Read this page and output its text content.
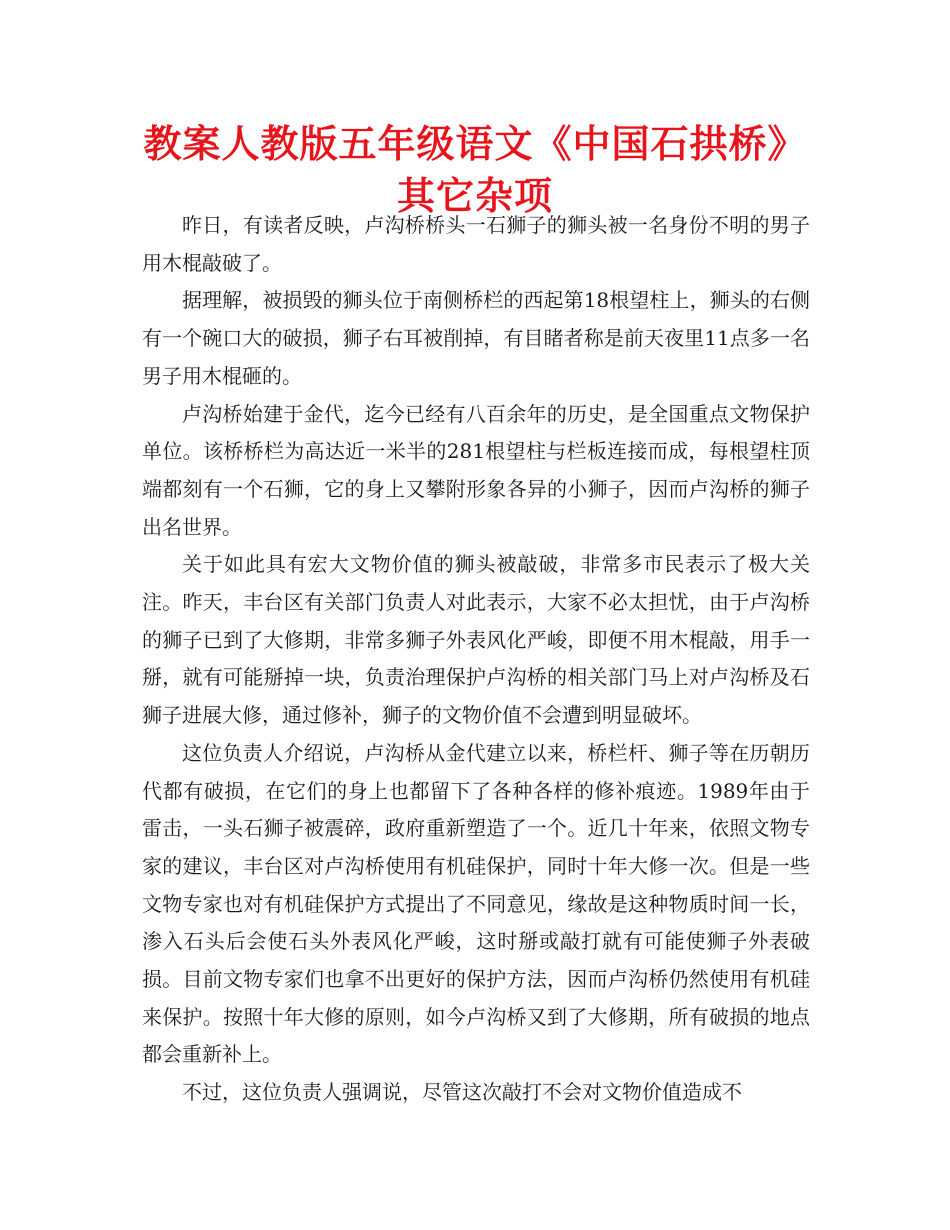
教案人教版五年级语文《中国石拱桥》其它杂项

昨日，有读者反映，卢沟桥桥头一石狮子的狮头被一名身份不明的男子用木棍敲破了。

据理解，被损毁的狮头位于南侧桥栏的西起第18根望柱上，狮头的右侧有一个碗口大的破损，狮子右耳被削掉，有目睹者称是前天夜里11点多一名男子用木棍砸的。

卢沟桥始建于金代，迄今已经有八百余年的历史，是全国重点文物保护单位。该桥桥栏为高达近一米半的281根望柱与栏板连接而成，每根望柱顶端都刻有一个石狮，它的身上又攀附形象各异的小狮子，因而卢沟桥的狮子出名世界。

关于如此具有宏大文物价值的狮头被敲破，非常多市民表示了极大关注。昨天，丰台区有关部门负责人对此表示，大家不必太担忧，由于卢沟桥的狮子已到了大修期，非常多狮子外表风化严峻，即便不用木棍敲，用手一掰，就有可能掰掉一块，负责治理保护卢沟桥的相关部门马上对卢沟桥及石狮子进展大修，通过修补，狮子的文物价值不会遭到明显破坏。

这位负责人介绍说，卢沟桥从金代建立以来，桥栏杆、狮子等在历朝历代都有破损，在它们的身上也都留下了各种各样的修补痕迹。1989年由于雷击，一头石狮子被震碎，政府重新塑造了一个。近几十年来，依照文物专家的建议，丰台区对卢沟桥使用有机硅保护，同时十年大修一次。但是一些文物专家也对有机硅保护方式提出了不同意见，缘故是这种物质时间一长，渗入石头后会使石头外表风化严峻，这时掰或敲打就有可能使狮子外表破损。目前文物专家们也拿不出更好的保护方法，因而卢沟桥仍然使用有机硅来保护。按照十年大修的原则，如今卢沟桥又到了大修期，所有破损的地点都会重新补上。

不过，这位负责人强调说，尽管这次敲打不会对文物价值造成不
